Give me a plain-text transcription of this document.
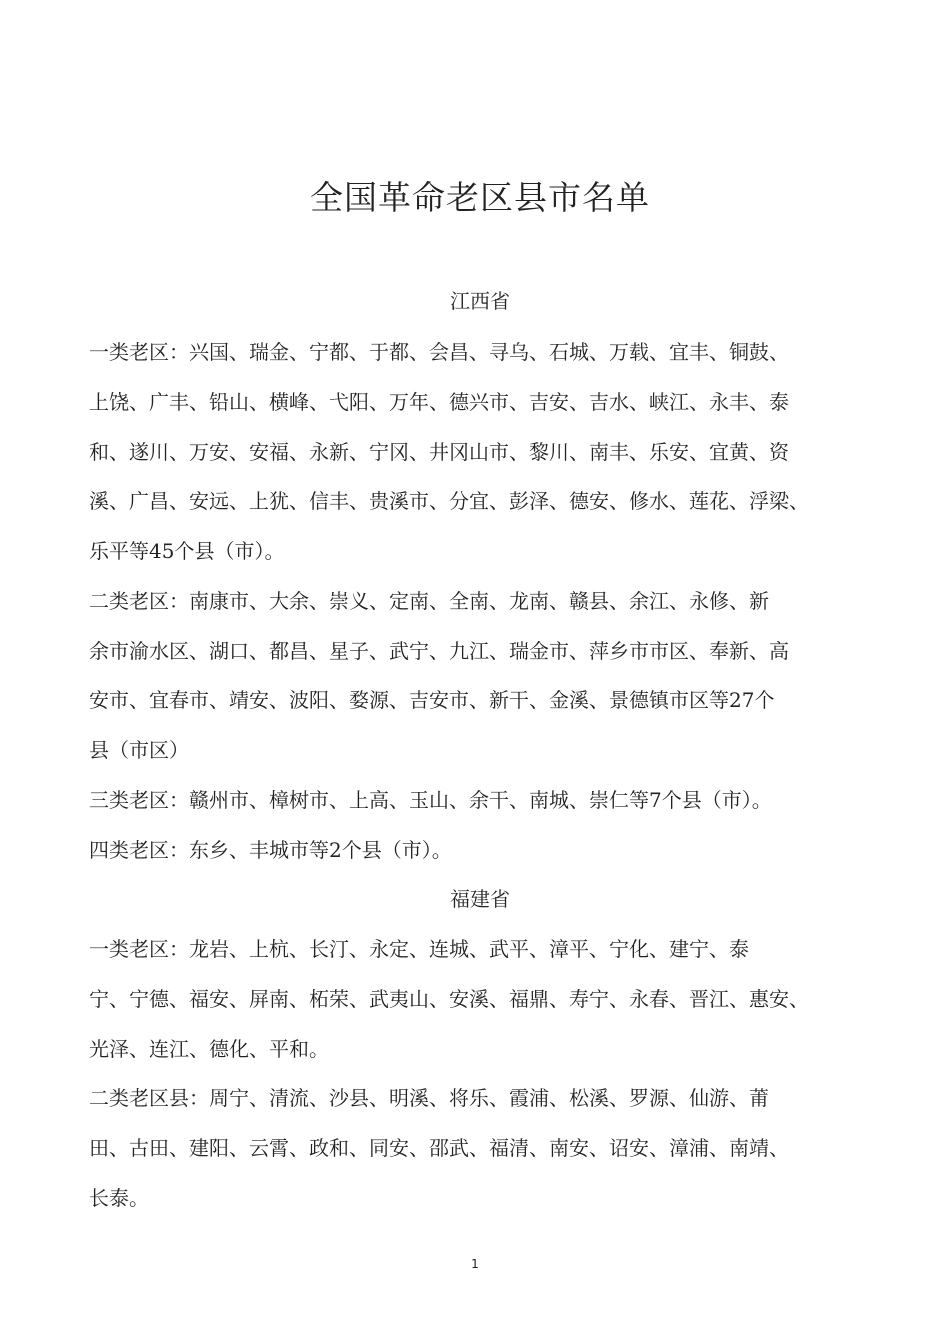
全国革命老区县市名单
江西省
一类老区：兴国、瑞金、宁都、于都、会昌、寻乌、石城、万载、宜丰、铜鼓、
上饶、广丰、铅山、横峰、弋阳、万年、德兴市、吉安、吉水、峡江、永丰、泰
和、遂川、万安、安福、永新、宁冈、井冈山市、黎川、南丰、乐安、宜黄、资
溪、广昌、安远、上犹、信丰、贵溪市、分宜、彭泽、德安、修水、莲花、浮梁、
乐平等45个县（市）。
二类老区：南康市、大余、崇义、定南、全南、龙南、赣县、余江、永修、新
余市渝水区、湖口、都昌、星子、武宁、九江、瑞金市、萍乡市市区、奉新、高
安市、宜春市、靖安、波阳、婺源、吉安市、新干、金溪、景德镇市区等27个
县（市区）
三类老区：赣州市、樟树市、上高、玉山、余干、南城、崇仁等7个县（市）。
四类老区：东乡、丰城市等2个县（市）。
福建省
一类老区：龙岩、上杭、长汀、永定、连城、武平、漳平、宁化、建宁、泰
宁、宁德、福安、屏南、柘荣、武夷山、安溪、福鼎、寿宁、永春、晋江、惠安、
光泽、连江、德化、平和。
二类老区县：周宁、清流、沙县、明溪、将乐、霞浦、松溪、罗源、仙游、莆
田、古田、建阳、云霄、政和、同安、邵武、福清、南安、诏安、漳浦、南靖、
长泰。
1
